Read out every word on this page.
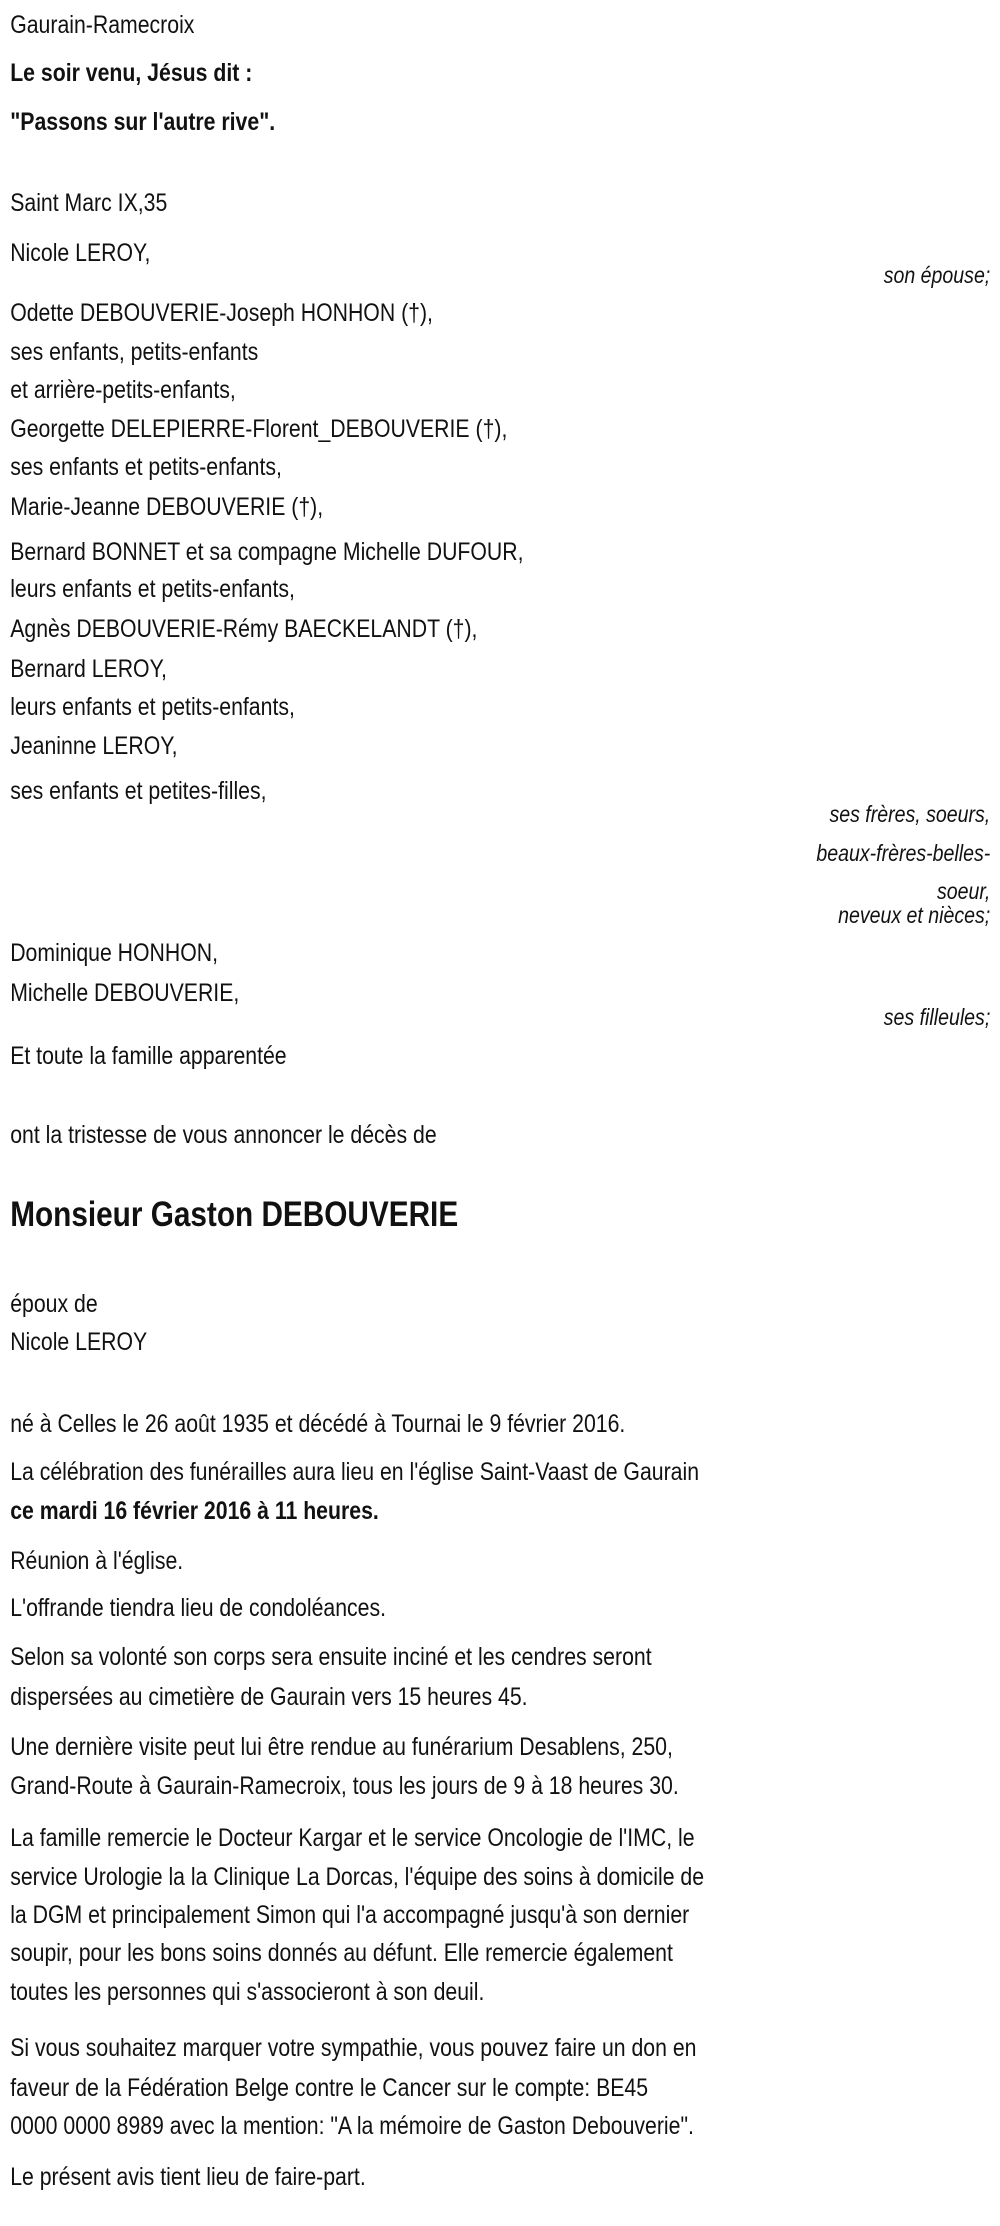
Gaurain-Ramecroix
Le soir venu, Jésus dit :
"Passons sur l'autre rive".
Saint Marc IX,35
Nicole LEROY,
son épouse;
Odette DEBOUVERIE-Joseph HONHON (†),
ses enfants, petits-enfants
et arrière-petits-enfants,
Georgette DELEPIERRE-Florent_DEBOUVERIE (†),
ses enfants et petits-enfants,
Marie-Jeanne DEBOUVERIE (†),
Bernard BONNET et sa compagne Michelle DUFOUR,
leurs enfants et petits-enfants,
Agnès DEBOUVERIE-Rémy BAECKELANDT (†),
Bernard LEROY,
leurs enfants et petits-enfants,
Jeaninne LEROY,
ses enfants et petites-filles,
ses frères, soeurs,
beaux-frères-belles-
soeur,
neveux et nièces;
Dominique HONHON,
Michelle DEBOUVERIE,
ses filleules;
Et toute la famille apparentée
ont la tristesse de vous annoncer le décès de
Monsieur Gaston DEBOUVERIE
époux de
Nicole LEROY
né à Celles le 26 août 1935 et décédé à Tournai le 9 février 2016.
La célébration des funérailles aura lieu en l'église Saint-Vaast de Gaurain
ce mardi 16 février 2016 à 11 heures.
Réunion à l'église.
L'offrande tiendra lieu de condoléances.
Selon sa volonté son corps sera ensuite inciné et les cendres seront
dispersées au cimetière de Gaurain vers 15 heures 45.
Une dernière visite peut lui être rendue au funérarium Desablens, 250,
Grand-Route à Gaurain-Ramecroix, tous les jours de 9 à 18 heures 30.
La famille remercie le Docteur Kargar et le service Oncologie de l'IMC, le
service Urologie la la Clinique La Dorcas, l'équipe des soins à domicile de
la DGM et principalement Simon qui l'a accompagné jusqu'à son dernier
soupir, pour les bons soins donnés au défunt. Elle remercie également
toutes les personnes qui s'associeront à son deuil.
Si vous souhaitez marquer votre sympathie, vous pouvez faire un don en
faveur de la Fédération Belge contre le Cancer sur le compte: BE45
0000 0000 8989 avec la mention: "A la mémoire de Gaston Debouverie".
Le présent avis tient lieu de faire-part.
